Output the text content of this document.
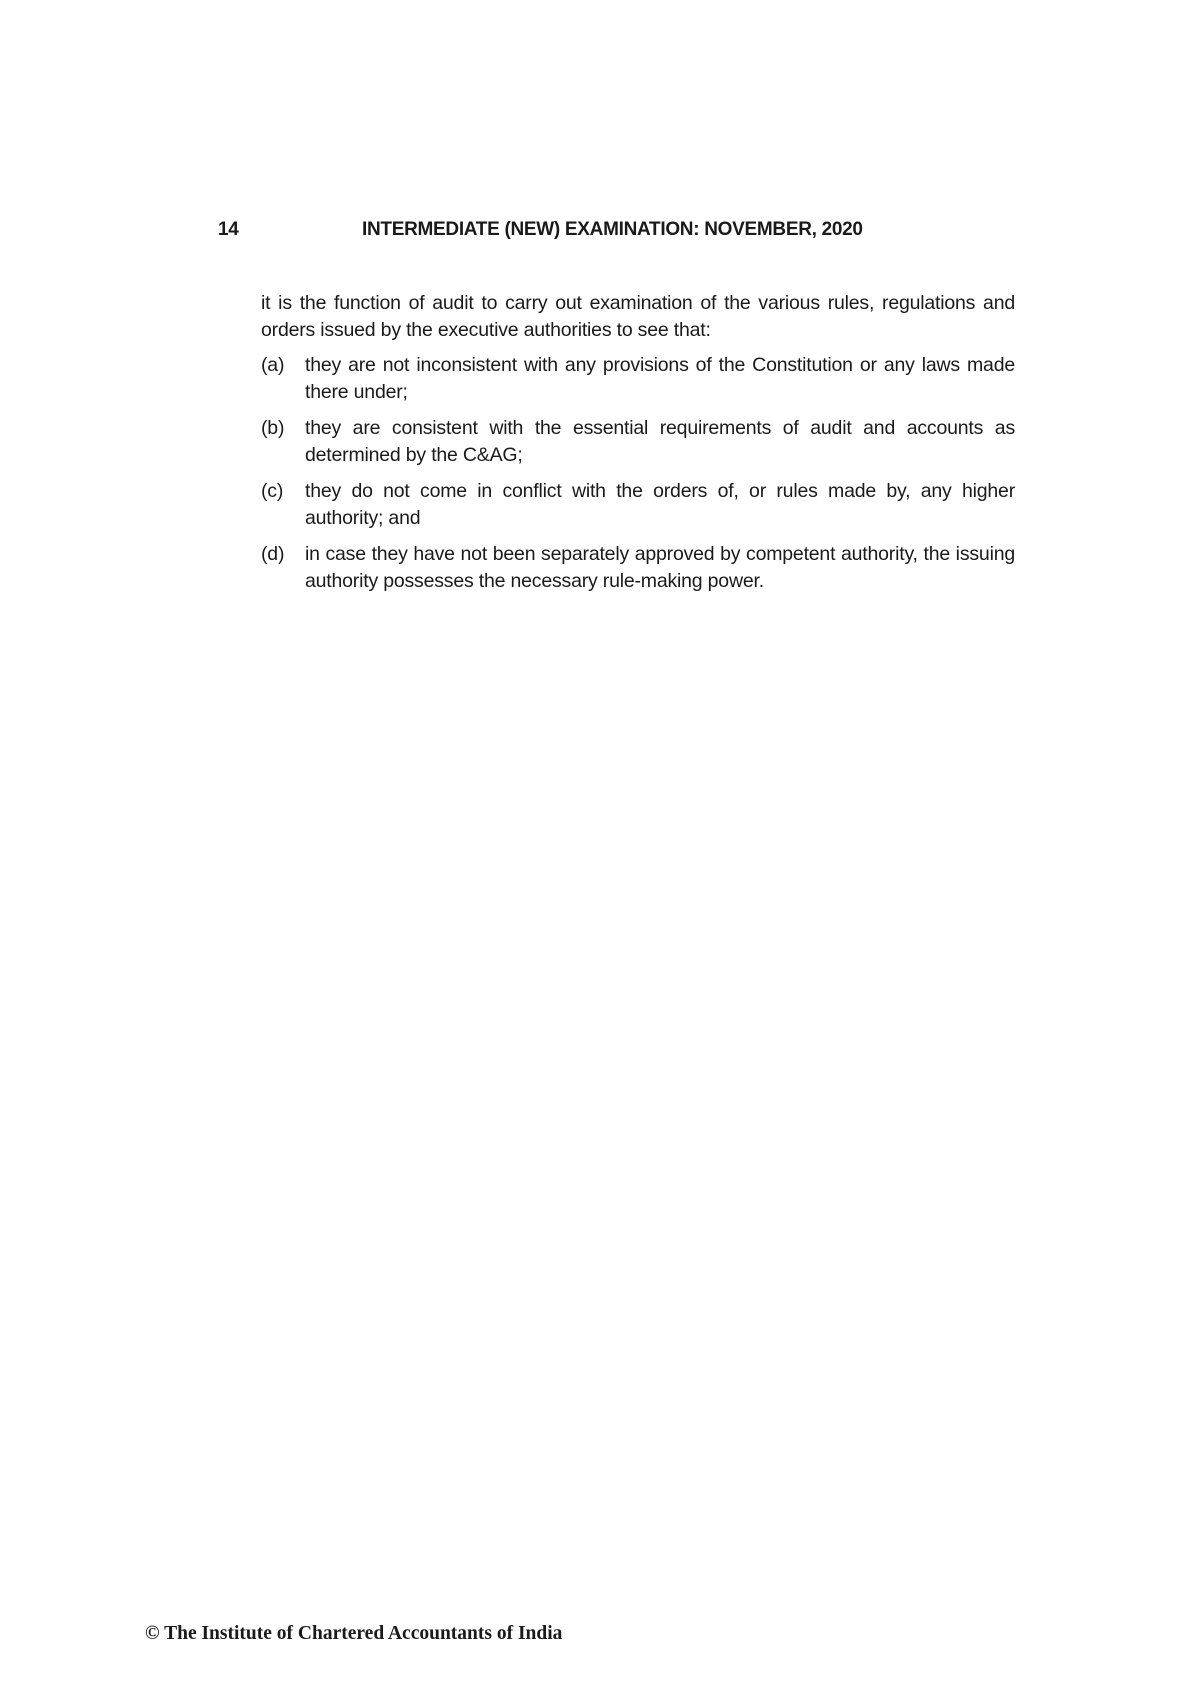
14	INTERMEDIATE (NEW) EXAMINATION: NOVEMBER, 2020
it is the function of audit to carry out examination of the various rules, regulations and orders issued by the executive authorities to see that:
(a)	they are not inconsistent with any provisions of the Constitution or any laws made there under;
(b)	they are consistent with the essential requirements of audit and accounts as determined by the C&AG;
(c)	they do not come in conflict with the orders of, or rules made by, any higher authority; and
(d)	in case they have not been separately approved by competent authority, the issuing authority possesses the necessary rule-making power.
© The Institute of Chartered Accountants of India
